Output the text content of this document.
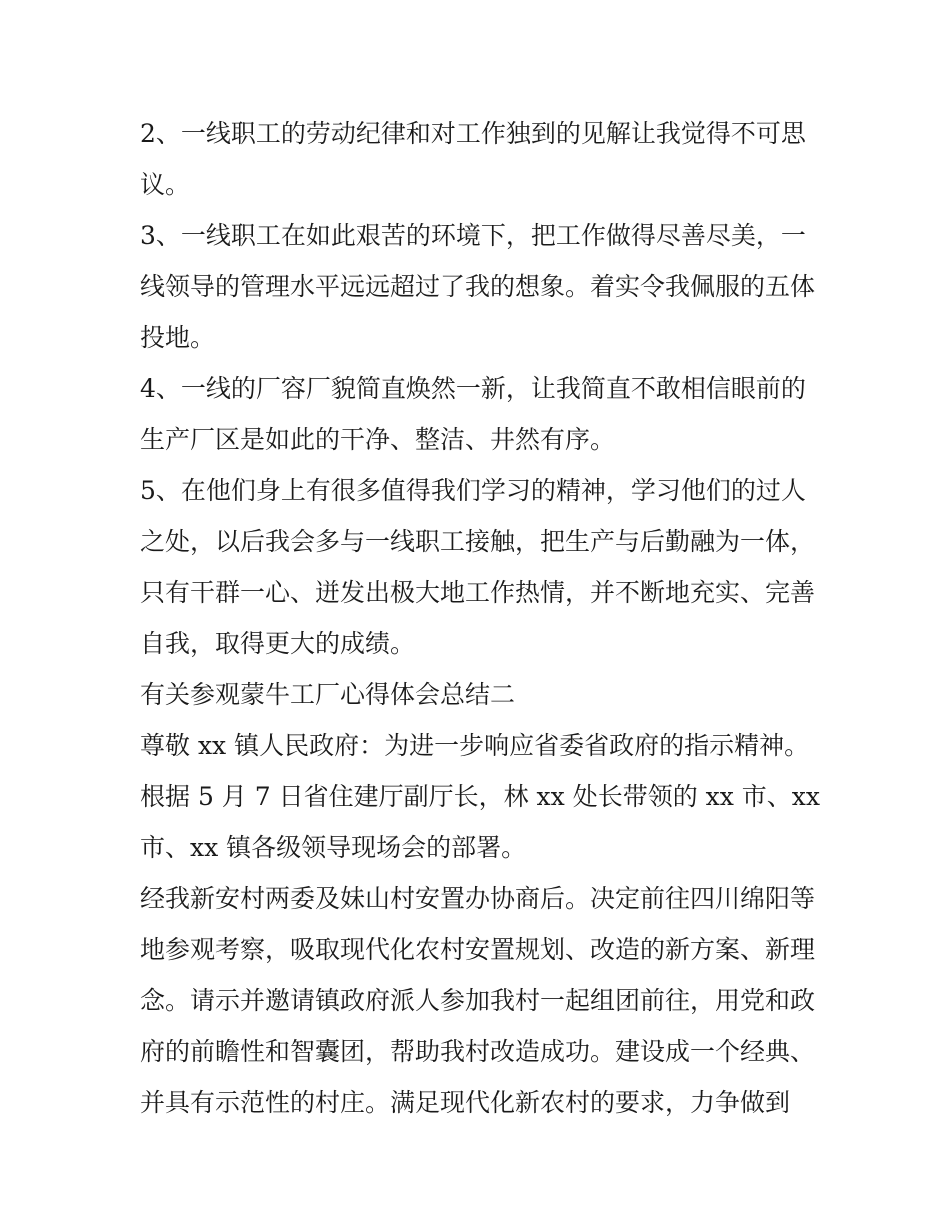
2、一线职工的劳动纪律和对工作独到的见解让我觉得不可思
议。
3、一线职工在如此艰苦的环境下，把工作做得尽善尽美，一
线领导的管理水平远远超过了我的想象。着实令我佩服的五体
投地。
4、一线的厂容厂貌简直焕然一新，让我简直不敢相信眼前的
生产厂区是如此的干净、整洁、井然有序。
5、在他们身上有很多值得我们学习的精神，学习他们的过人
之处，以后我会多与一线职工接触，把生产与后勤融为一体，
只有干群一心、迸发出极大地工作热情，并不断地充实、完善
自我，取得更大的成绩。
有关参观蒙牛工厂心得体会总结二
尊敬 xx 镇人民政府：为进一步响应省委省政府的指示精神。
根据 5 月 7 日省住建厅副厅长，林 xx 处长带领的 xx 市、xx
市、xx 镇各级领导现场会的部署。
经我新安村两委及妹山村安置办协商后。决定前往四川绵阳等
地参观考察，吸取现代化农村安置规划、改造的新方案、新理
念。请示并邀请镇政府派人参加我村一起组团前往，用党和政
府的前瞻性和智囊团，帮助我村改造成功。建设成一个经典、
并具有示范性的村庄。满足现代化新农村的要求，力争做到
